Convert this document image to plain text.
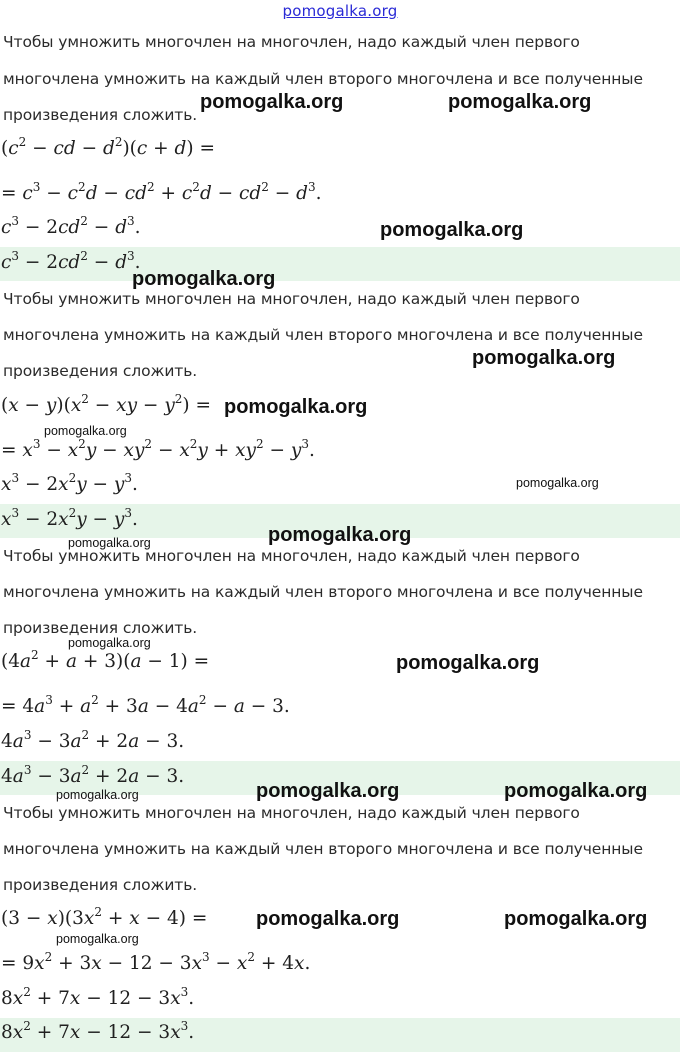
pomogalka.org
Чтобы умножить многочлен на многочлен, надо каждый член первого
многочлена умножить на каждый член второго многочлена и все полученные
произведения сложить.
($c^2$ − cd − $d^2)(c + d)$ =
= $c^3 - c^2d - cd^2 + c^2d - cd^2 - d^3$.
$c^3 - 2cd^2 - d^3$.
$c^3 - 2cd^2 - d^3$.
Чтобы умножить многочлен на многочлен, надо каждый член первого
многочлена умножить на каждый член второго многочлена и все полученные
произведения сложить.
$(x - y)(x^2$ − xy − $y^2$) =
= $x^3 - x^2y - xy^2 - x^2y + xy^2 - y^3$.
$x^3 - 2x^2y - y^3$.
$x^3 - 2x^2y - y^3$.
Чтобы умножить многочлен на многочлен, надо каждый член первого
многочлена умножить на каждый член второго многочлена и все полученные
произведения сложить.
$(4a^2 + a + 3)(a - 1)$ =
= $4a^3 + a^2 + 3a - 4a^2 - a - 3$.
$4a^3 - 3a^2 + 2a - 3$.
$4a^3 - 3a^2 + 2a - 3$.
Чтобы умножить многочлен на многочлен, надо каждый член первого
многочлена умножить на каждый член второго многочлена и все полученные
произведения сложить.
$(3 - x)(3x^2 + x - 4)$ =
= $9x^2 + 3x - 12 - 3x^3 - x^2 + 4x$.
$8x^2 + 7x - 12 - 3x^3$.
$8x^2 + 7x - 12 - 3x^3$.
pomogalka.org	pomogalka.org
pomogalka.org
pomogalka.org
pomogalka.org
pomogalka.org
pomogalka.org
pomogalka.org
pomogalka.org
pomogalka.org
pomogalka.org
pomogalka.org
pomogalka.org	pomogalka.org
pomogalka.org
pomogalka.org	pomogalka.org
pomogalka.org
